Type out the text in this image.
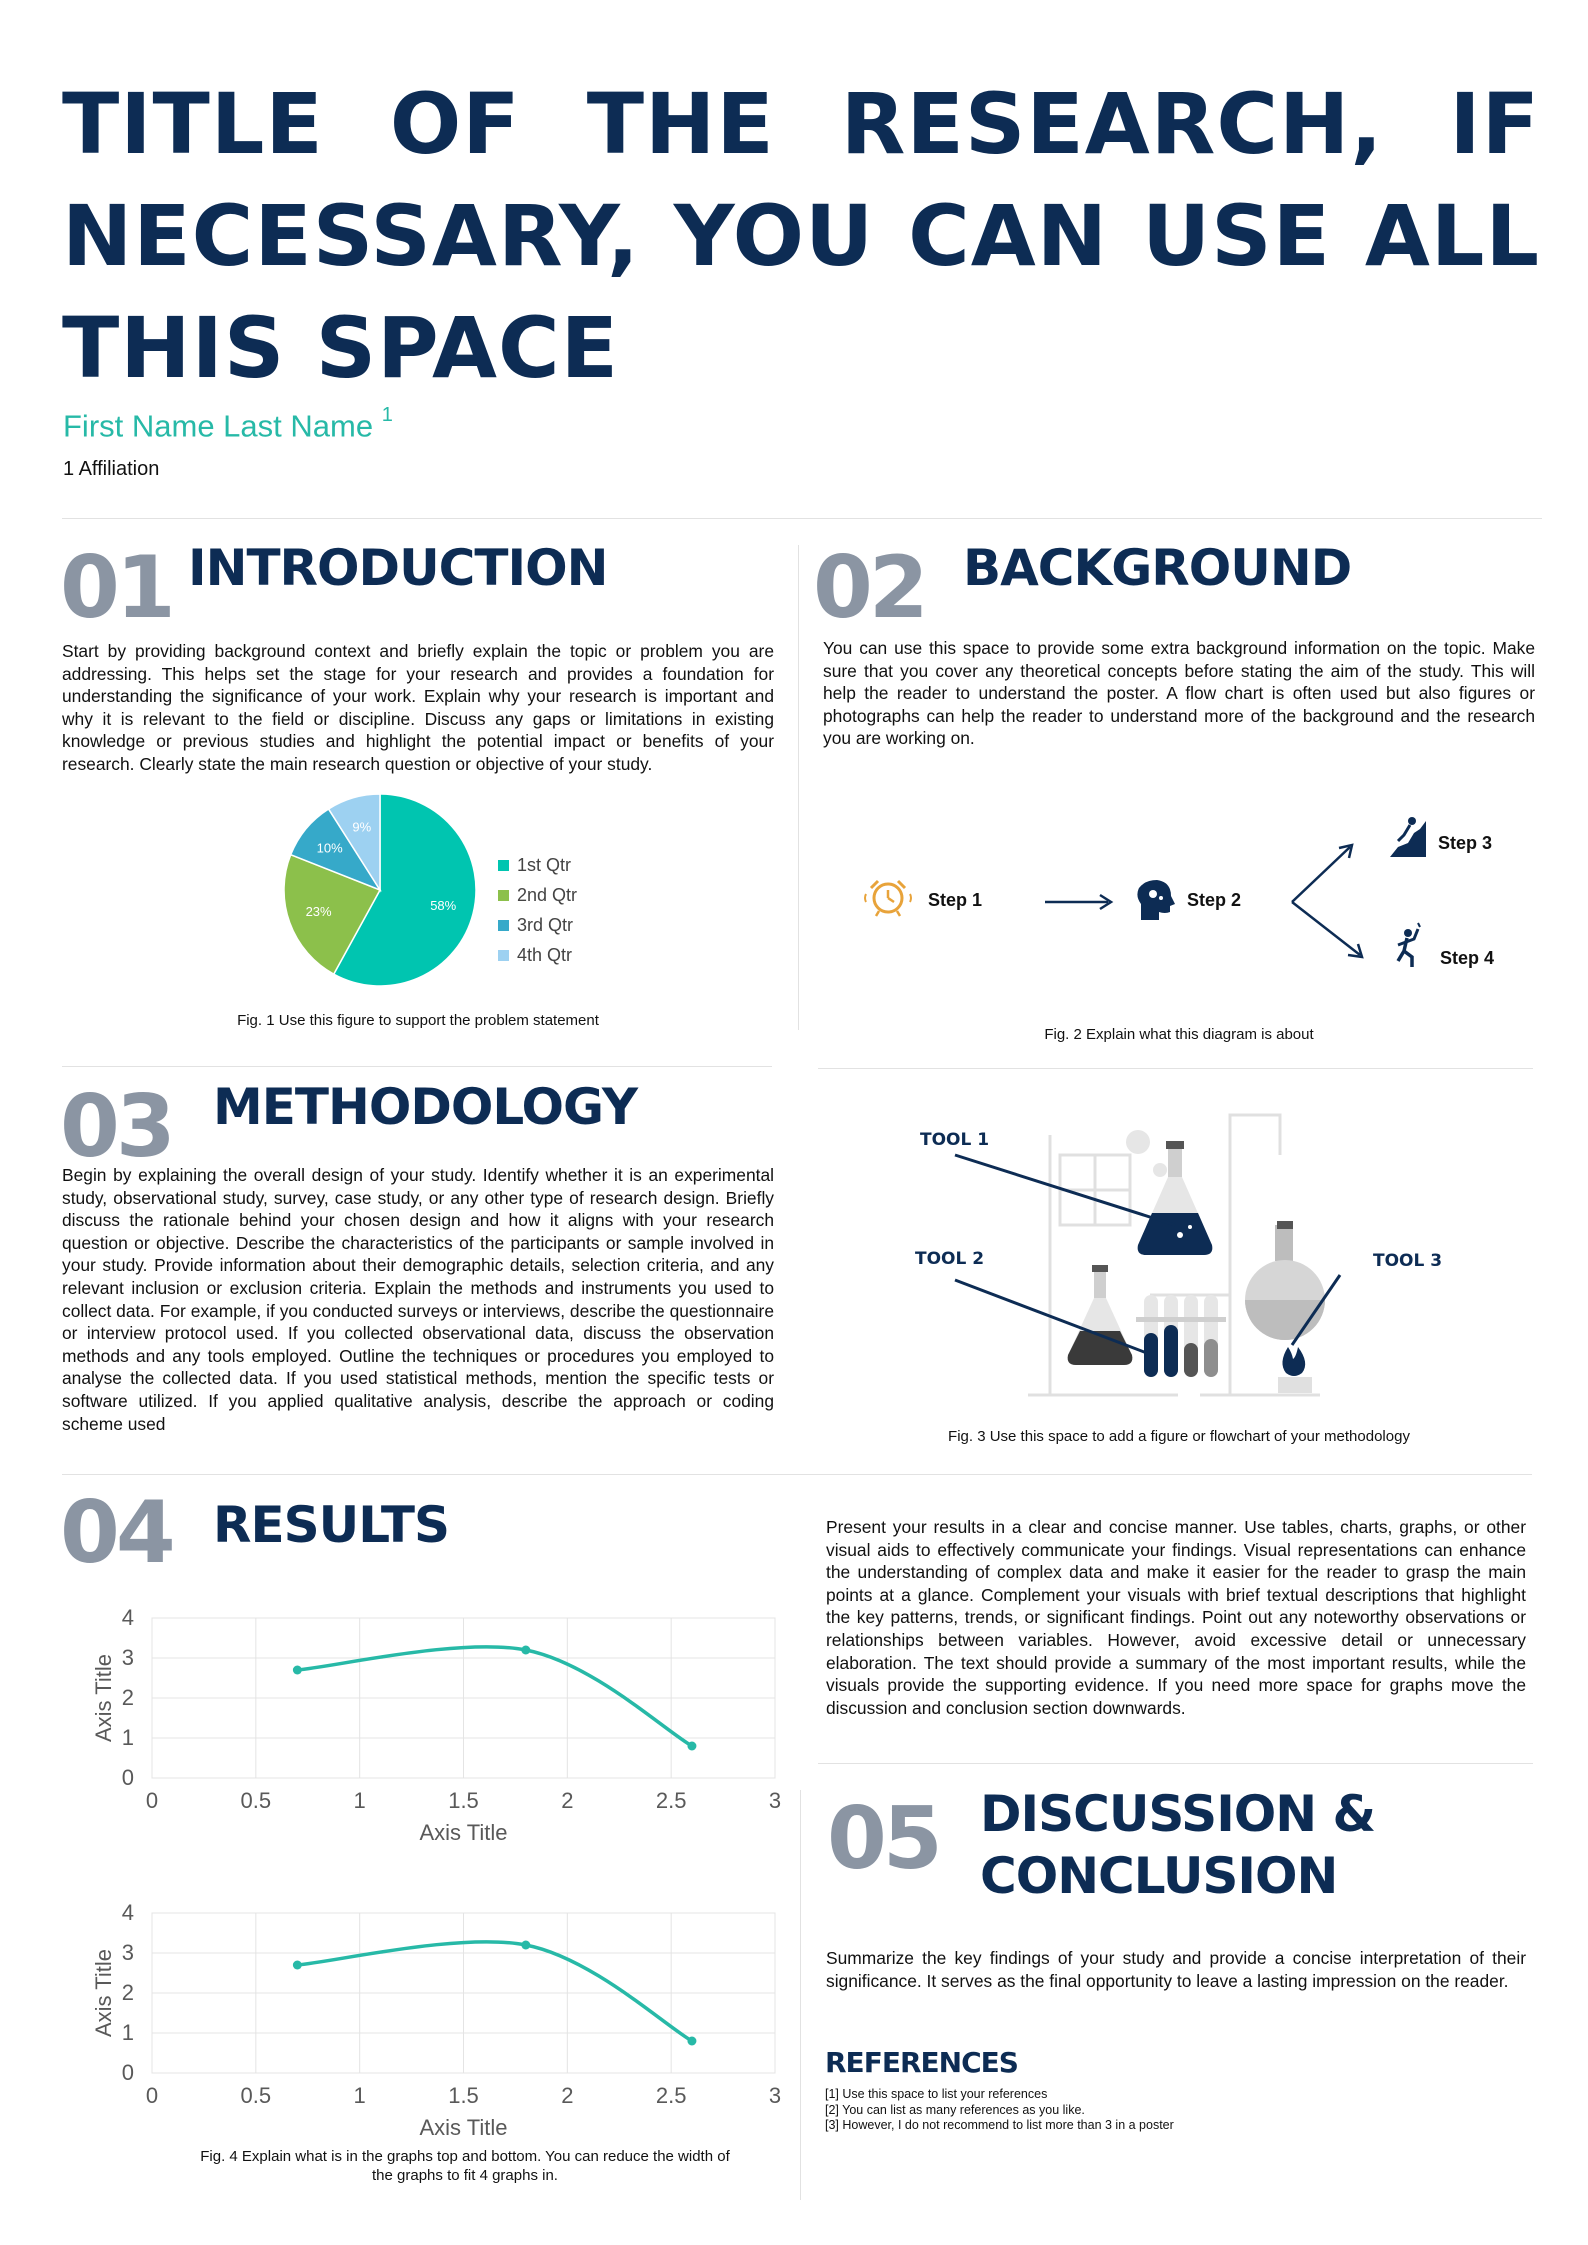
TITLE OF THE RESEARCH, IF NECESSARY, YOU CAN USE ALL THIS SPACE
First Name Last Name $^1$
1 Affiliation
01 INTRODUCTION

Start by providing background context and briefly explain the topic or problem you are addressing. This helps set the stage for your research and provides a foundation for understanding the significance of your work. Explain why your research is important and why it is relevant to the field or discipline. Discuss any gaps or limitations in existing knowledge or previous studies and highlight the potential impact or benefits of your research. Clearly state the main research question or objective of your study.

58%
23%
10%
9%
1st Qtr
2nd Qtr
3rd Qtr
4th Qtr
Fig. 1 Use this figure to support the problem statement
02 BACKGROUND

You can use this space to provide some extra background information on the topic. Make sure that you cover any theoretical concepts before stating the aim of the study. This will help the reader to understand the poster. A flow chart is often used but also figures or photographs can help the reader to understand more of the background and the research you are working on.

Step 1	Step 2
Step 3
Step 4
Fig. 2 Explain what this diagram is about
03 METHODOLOGY

Begin by explaining the overall design of your study. Identify whether it is an experimental study, observational study, survey, case study, or any other type of research design. Briefly discuss the rationale behind your chosen design and how it aligns with your research question or objective. Describe the characteristics of the participants or sample involved in your study. Provide information about their demographic details, selection criteria, and any relevant inclusion or exclusion criteria. Explain the methods and instruments you used to collect data. For example, if you conducted surveys or interviews, describe the questionnaire or interview protocol used. If you collected observational data, discuss the observation methods and any tools employed. Outline the techniques or procedures you employed to analyse the collected data. If you used statistical methods, mention the specific tests or software utilized. If you applied qualitative analysis, describe the approach or coding scheme used

TOOL 1
TOOL 2	TOOL 3
Fig. 3 Use this space to add a figure or flowchart of your methodology
04 RESULTS	Present your results in a clear and concise manner. Use tables, charts, graphs, or other visual aids to effectively communicate your findings. Visual representations can enhance the understanding of complex data and make it easier for the reader to grasp the main points at a glance. Complement your visuals with brief textual descriptions that highlight the key patterns, trends, or significant findings. Point out any noteworthy observations or relationships between variables. However, avoid excessive detail or unnecessary elaboration. The text should provide a summary of the most important results, while the visuals provide the supporting evidence. If you need more space for graphs move the discussion and conclusion section downwards.

0
1
2
3
4
0	0.5	1	1.5	2	2.5	3
Axis Title
Axis Title
0
1
2
3
4
0	0.5	1	1.5	2	2.5	3
Axis Title
Axis Title
Fig. 4 Explain what is in the graphs top and bottom. You can reduce the width of the graphs to fit 4 graphs in.
05 DISCUSSION &
CONCLUSION

Summarize the key findings of your study and provide a concise interpretation of their significance. It serves as the final opportunity to leave a lasting impression on the reader.

REFERENCES
[1] Use this space to list your references
[2] You can list as many references as you like.
[3] However, I do not recommend to list more than 3 in a poster
